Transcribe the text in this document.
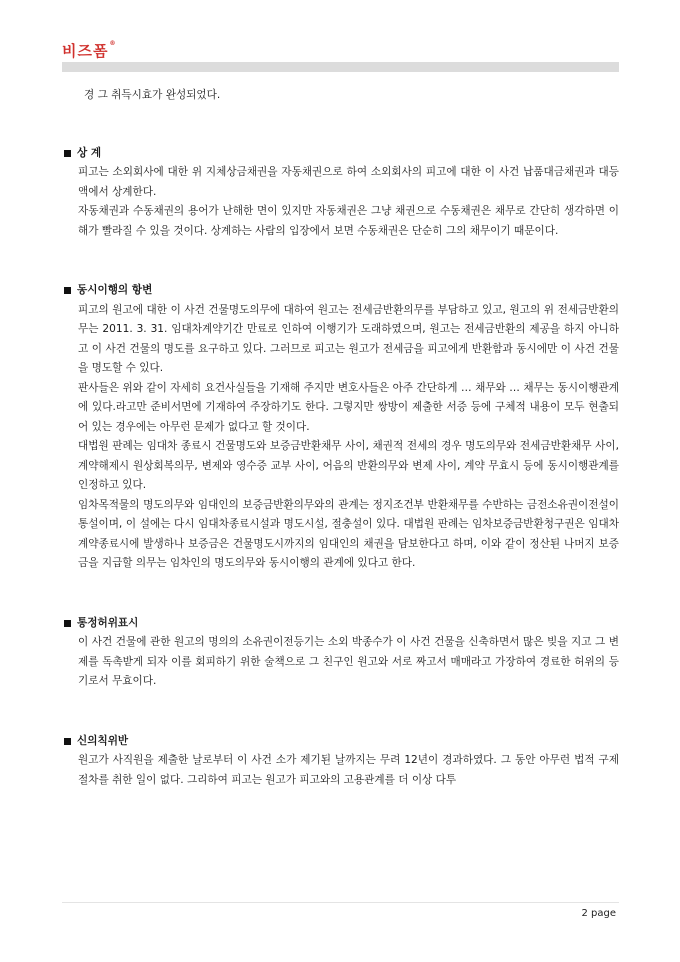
비즈폼®

경 그 취득시효가 완성되었다.

상 계

피고는 소외회사에 대한 위 지체상금채권을 자동채권으로 하여 소외회사의 피고에 대한 이 사건 납품대금채권과 대등액에서 상계한다.

자동채권과 수동채권의 용어가 난해한 면이 있지만 자동채권은 그냥 채권으로 수동채권은 채무로 간단히 생각하면 이해가 빨라질 수 있을 것이다. 상계하는 사람의 입장에서 보면 수동채권은 단순히 그의 채무이기 때문이다.

동시이행의 항변

피고의 원고에 대한 이 사건 건물명도의무에 대하여 원고는 전세금반환의무를 부담하고 있고, 원고의 위 전세금반환의무는 2011. 3. 31. 임대차계약기간 만료로 인하여 이행기가 도래하였으며, 원고는 전세금반환의 제공을 하지 아니하고 이 사건 건물의 명도를 요구하고 있다. 그러므로 피고는 원고가 전세금을 피고에게 반환함과 동시에만 이 사건 건물을 명도할 수 있다.

판사들은 위와 같이 자세히 요건사실들을 기재해 주지만 변호사들은 아주 간단하게 … 채무와 … 채무는 동시이행관계에 있다.라고만 준비서면에 기재하여 주장하기도 한다. 그렇지만 쌍방이 제출한 서증 등에 구체적 내용이 모두 현출되어 있는 경우에는 아무런 문제가 없다고 할 것이다.

대법원 판례는 임대차 종료시 건물명도와 보증금반환채무 사이, 채권적 전세의 경우 명도의무와 전세금반환채무 사이, 계약해제시 원상회복의무, 변제와 영수증 교부 사이, 어음의 반환의무와 변제 사이, 계약 무효시 등에 동시이행관계를 인정하고 있다.

임차목적물의 명도의무와 임대인의 보증금반환의무와의 관계는 정지조건부 반환채무를 수반하는 금전소유권이전설이 통설이며, 이 설에는 다시 임대차종료시설과 명도시설, 절충설이 있다. 대법원 판례는 임차보증금반환청구권은 임대차계약종료시에 발생하나 보증금은 건물명도시까지의 임대인의 채권을 담보한다고 하며, 이와 같이 정산된 나머지 보증금을 지급할 의무는 임차인의 명도의무와 동시이행의 관계에 있다고 한다.

통정허위표시

이 사건 건물에 관한 원고의 명의의 소유권이전등기는 소외 박종수가 이 사건 건물을 신축하면서 많은 빚을 지고 그 변제를 독촉받게 되자 이를 회피하기 위한 술책으로 그 친구인 원고와 서로 짜고서 매매라고 가장하여 경료한 허위의 등기로서 무효이다.

신의칙위반

원고가 사직원을 제출한 날로부터 이 사건 소가 제기된 날까지는 무려 12년이 경과하였다. 그 동안 아무런 법적 구제절차를 취한 일이 없다. 그리하여 피고는 원고가 피고와의 고용관계를 더 이상 다투

2 page
